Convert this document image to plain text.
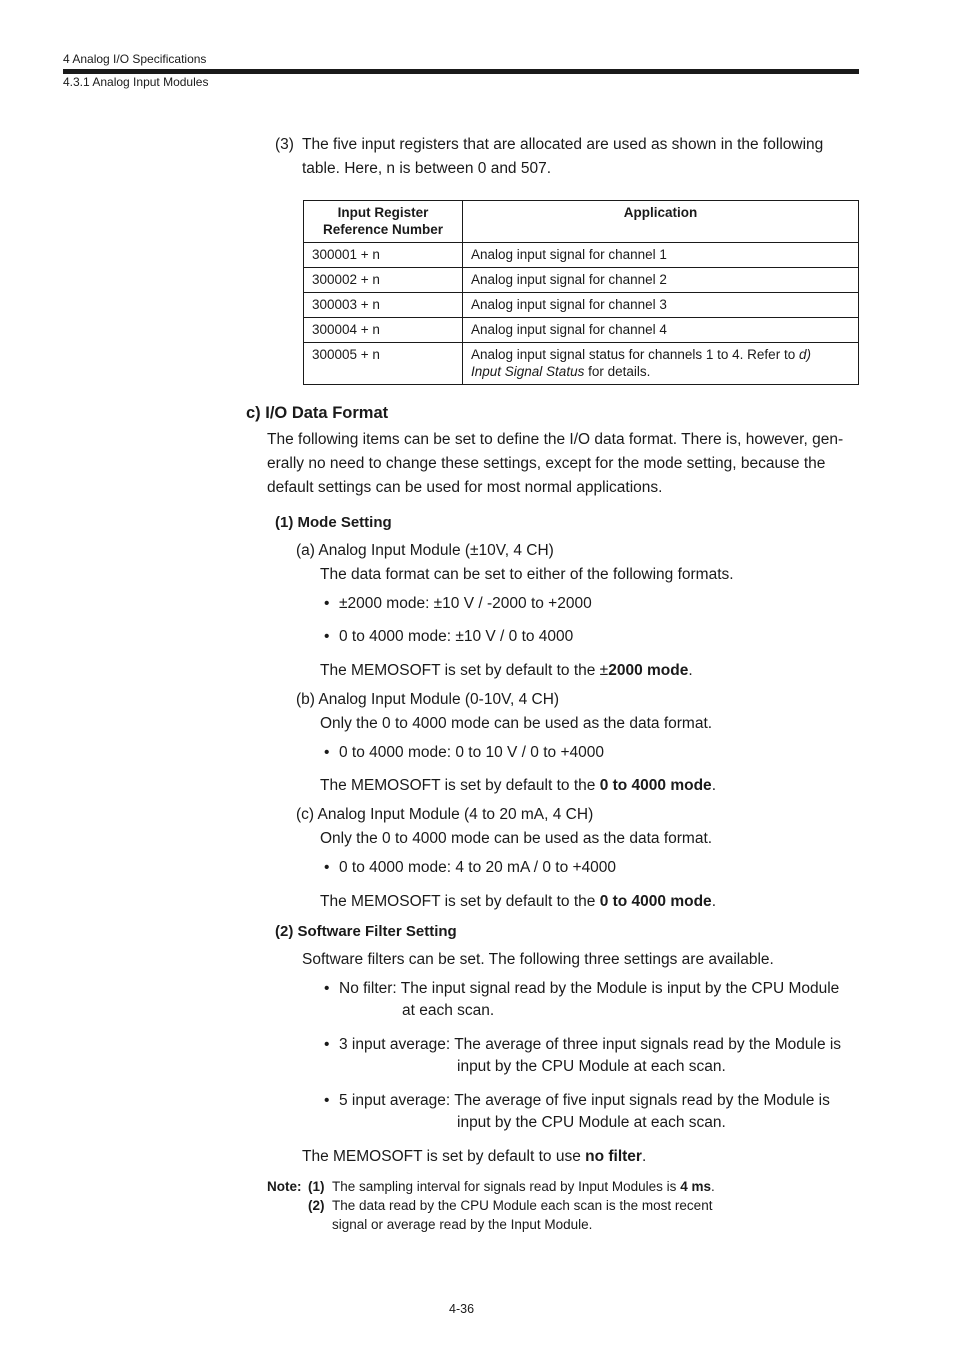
4 Analog I/O Specifications
4.3.1 Analog Input Modules
(3) The five input registers that are allocated are used as shown in the following
table. Here, n is between 0 and 507.
Input Register
Reference Number	Application
300001 + n	Analog input signal for channel 1
300002 + n	Analog input signal for channel 2
300003 + n	Analog input signal for channel 3
300004 + n	Analog input signal for channel 4
300005 + n	Analog input signal status for channels 1 to 4. Refer to d)
Input Signal Status for details.
c) I/O Data Format
The following items can be set to define the I/O data format. There is, however, gen-
erally no need to change these settings, except for the mode setting, because the
default settings can be used for most normal applications.
(1) Mode Setting
(a) Analog Input Module (±10V, 4 CH)
The data format can be set to either of the following formats.
• ±2000 mode: ±10 V / -2000 to +2000
• 0 to 4000 mode: ±10 V / 0 to 4000
The MEMOSOFT is set by default to the ±2000 mode.
(b) Analog Input Module (0-10V, 4 CH)
Only the 0 to 4000 mode can be used as the data format.
• 0 to 4000 mode: 0 to 10 V / 0 to +4000
The MEMOSOFT is set by default to the 0 to 4000 mode.
(c) Analog Input Module (4 to 20 mA, 4 CH)
Only the 0 to 4000 mode can be used as the data format.
• 0 to 4000 mode: 4 to 20 mA / 0 to +4000
The MEMOSOFT is set by default to the 0 to 4000 mode.
(2) Software Filter Setting
Software filters can be set. The following three settings are available.
• No filter: The input signal read by the Module is input by the CPU Module
at each scan.
• 3 input average: The average of three input signals read by the Module is
input by the CPU Module at each scan.
• 5 input average: The average of five input signals read by the Module is
input by the CPU Module at each scan.
The MEMOSOFT is set by default to use no filter.
Note: (1) The sampling interval for signals read by Input Modules is 4 ms.
(2) The data read by the CPU Module each scan is the most recent
signal or average read by the Input Module.
4-36
